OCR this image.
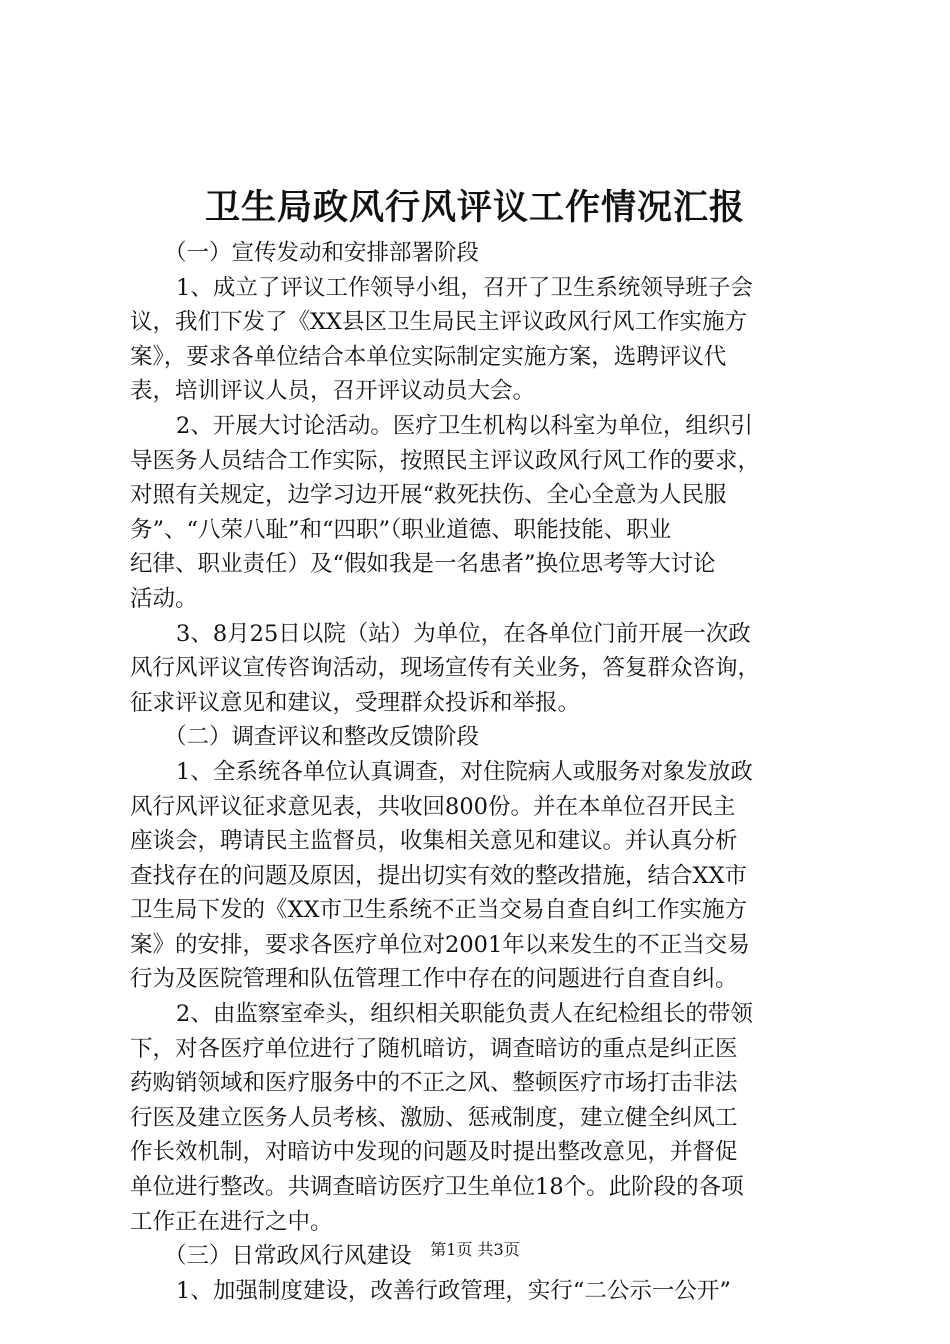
卫生局政风行风评议工作情况汇报
（一）宣传发动和安排部署阶段
1、成立了评议工作领导小组，召开了卫生系统领导班子会
议，我们下发了《XX县区卫生局民主评议政风行风工作实施方
案》，要求各单位结合本单位实际制定实施方案，选聘评议代
表，培训评议人员，召开评议动员大会。
2、开展大讨论活动。医疗卫生机构以科室为单位，组织引
导医务人员结合工作实际，按照民主评议政风行风工作的要求，
对照有关规定，边学习边开展“救死扶伤、全心全意为人民服
务”、“八荣八耻”和“四职”（职业道德、职能技能、职业
纪律、职业责任）及“假如我是一名患者”换位思考等大讨论
活动。
3、8月25日以院（站）为单位，在各单位门前开展一次政
风行风评议宣传咨询活动，现场宣传有关业务，答复群众咨询，
征求评议意见和建议，受理群众投诉和举报。
（二）调查评议和整改反馈阶段
1、全系统各单位认真调查，对住院病人或服务对象发放政
风行风评议征求意见表，共收回800份。并在本单位召开民主
座谈会，聘请民主监督员，收集相关意见和建议。并认真分析
查找存在的问题及原因，提出切实有效的整改措施，结合XX市
卫生局下发的《XX市卫生系统不正当交易自查自纠工作实施方
案》的安排，要求各医疗单位对2001年以来发生的不正当交易
行为及医院管理和队伍管理工作中存在的问题进行自查自纠。
2、由监察室牵头，组织相关职能负责人在纪检组长的带领
下，对各医疗单位进行了随机暗访，调查暗访的重点是纠正医
药购销领域和医疗服务中的不正之风、整顿医疗市场打击非法
行医及建立医务人员考核、激励、惩戒制度，建立健全纠风工
作长效机制，对暗访中发现的问题及时提出整改意见，并督促
单位进行整改。共调查暗访医疗卫生单位18个。此阶段的各项
工作正在进行之中。
（三）日常政风行风建设
1、加强制度建设，改善行政管理，实行“二公示一公开”
第1页 共3页
